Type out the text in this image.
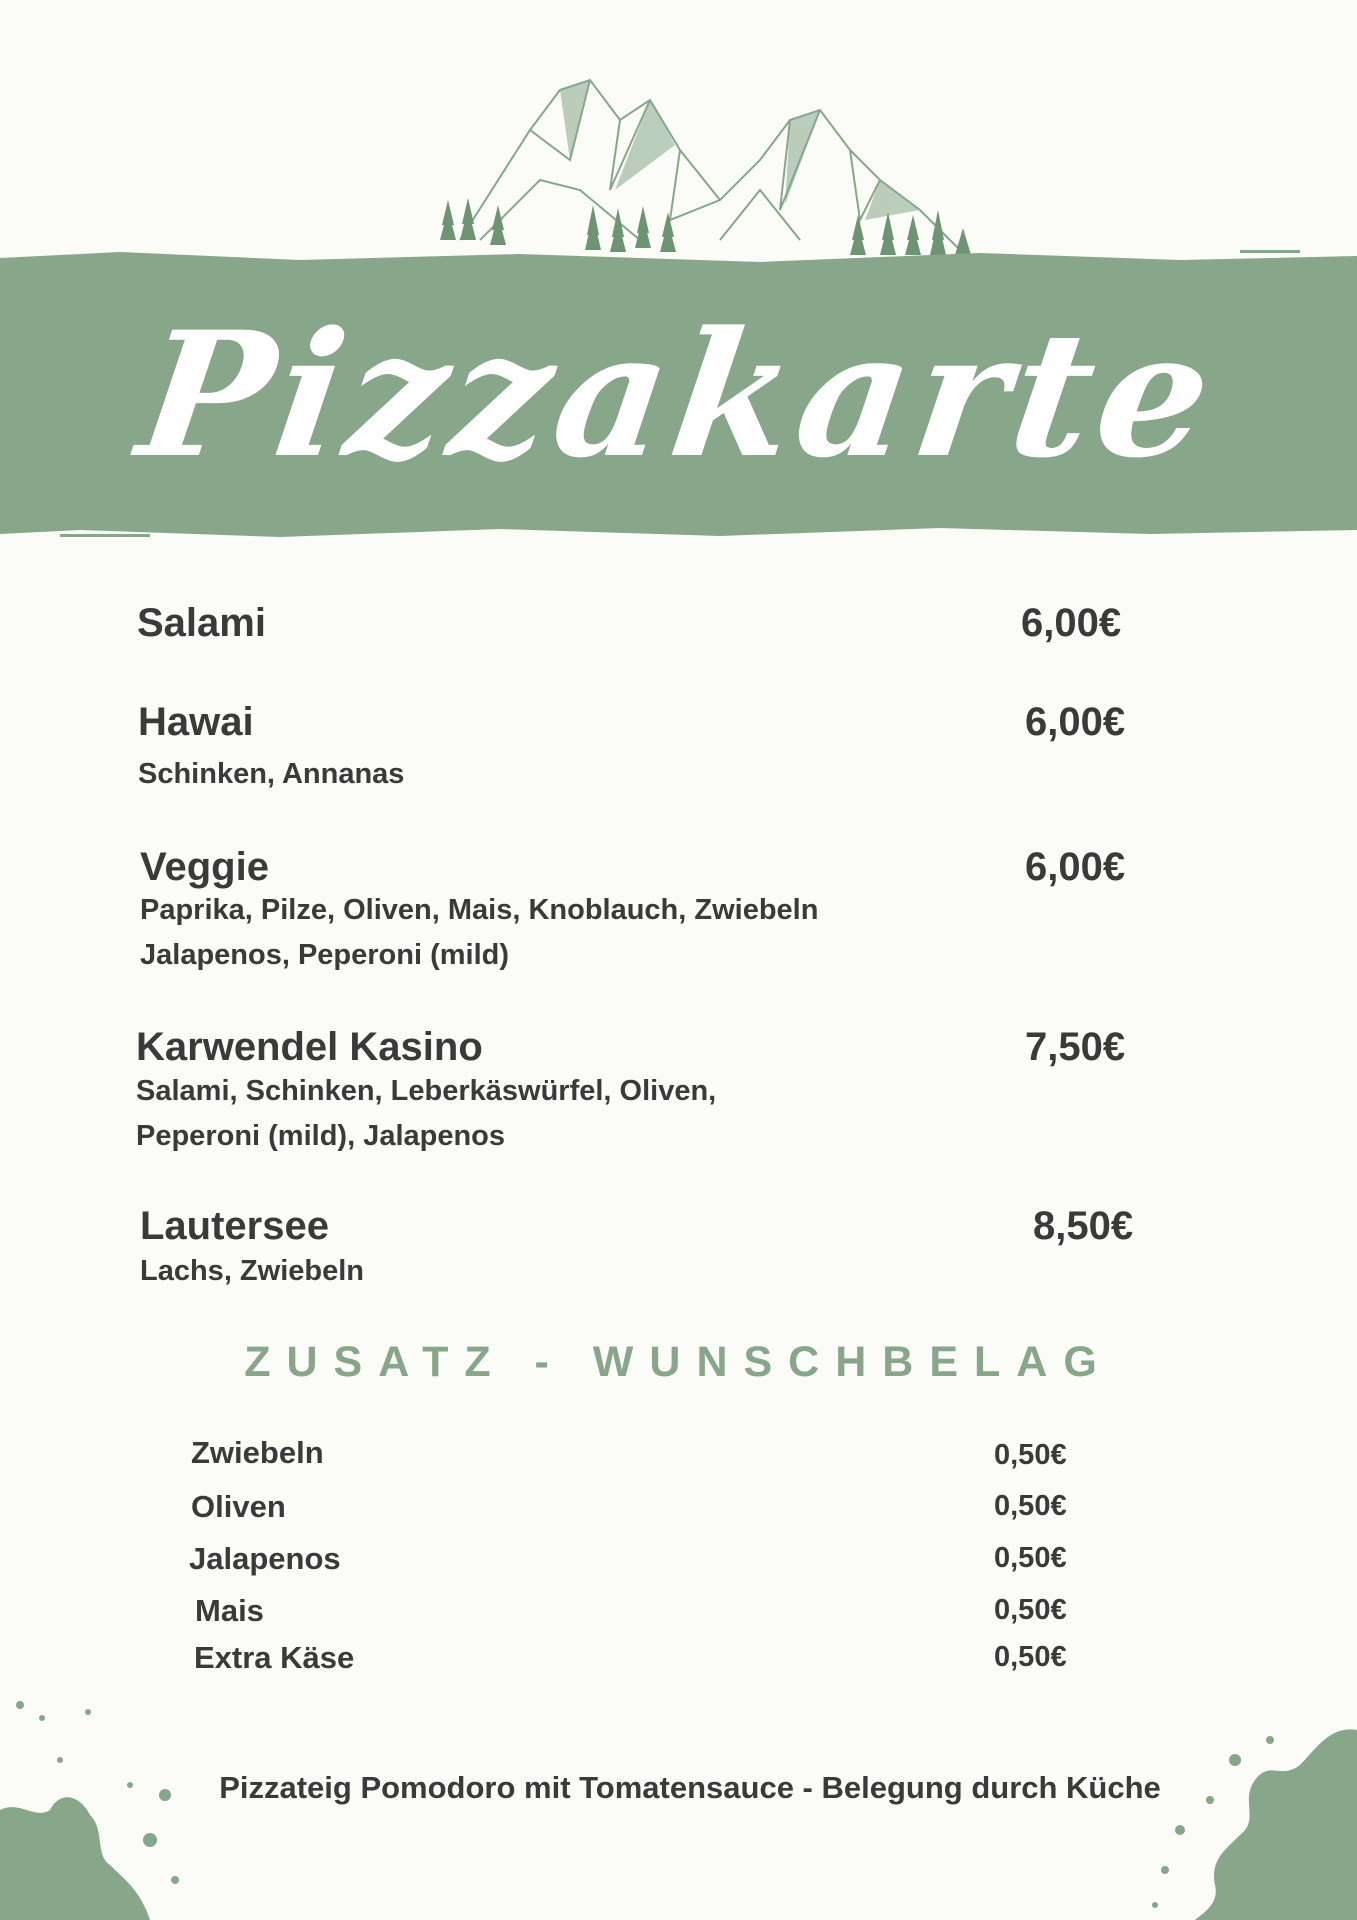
Pizzakarte
Salami	6,00€
Hawai	6,00€
Schinken, Annanas
Veggie	6,00€
Paprika, Pilze, Oliven, Mais, Knoblauch, Zwiebeln
Jalapenos, Peperoni (mild)
Karwendel Kasino	7,50€
Salami, Schinken, Leberkäswürfel, Oliven,
Peperoni (mild), Jalapenos
Lautersee	8,50€
Lachs, Zwiebeln
ZUSATZ - WUNSCHBELAG
Zwiebeln	0,50€
Oliven	0,50€
Jalapenos	0,50€
Mais	0,50€
Extra Käse	0,50€
Pizzateig Pomodoro mit Tomatensauce - Belegung durch Küche
